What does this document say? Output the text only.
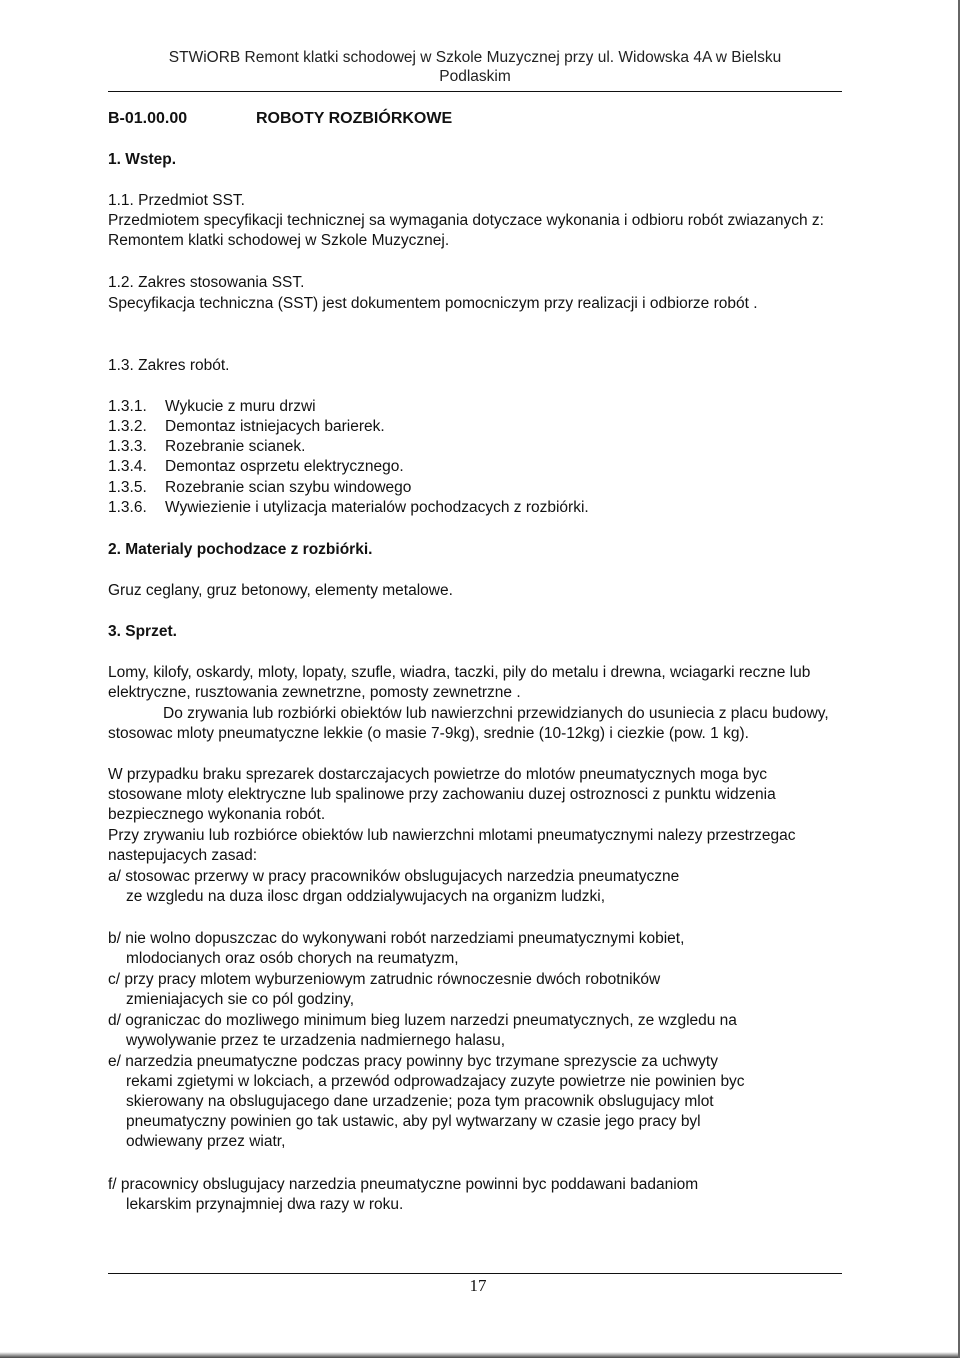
STWiORB Remont klatki schodowej w Szkole Muzycznej przy ul. Widowska 4A w Bielsku
Podlaskim
B-01.00.00	ROBOTY ROZBIÓRKOWE
1. Wstep.
1.1. Przedmiot SST.
Przedmiotem specyfikacji technicznej sa wymagania dotyczace wykonania i odbioru robót zwiazanych z: Remontem klatki schodowej w Szkole Muzycznej.
1.2. Zakres stosowania SST.
Specyfikacja techniczna (SST) jest dokumentem pomocniczym przy realizacji i odbiorze robót .
1.3. Zakres robót.
1.3.1. Wykucie z muru drzwi
1.3.2. Demontaz istniejacych barierek.
1.3.3. Rozebranie scianek.
1.3.4. Demontaz osprzetu elektrycznego.
1.3.5. Rozebranie scian szybu windowego
1.3.6. Wywiezienie i utylizacja materialów pochodzacych z rozbiórki.
2. Materialy pochodzace z rozbiórki.
Gruz ceglany, gruz betonowy, elementy metalowe.
3. Sprzet.
Lomy, kilofy, oskardy, mloty, lopaty, szufle, wiadra, taczki, pily do metalu i drewna, wciagarki reczne lub elektryczne, rusztowania zewnetrzne, pomosty zewnetrzne .
Do zrywania lub rozbiórki obiektów lub nawierzchni przewidzianych do usuniecia z placu budowy, stosowac mloty pneumatyczne lekkie (o masie 7-9kg), srednie (10-12kg) i ciezkie (pow. 1 kg).
W przypadku braku sprezarek dostarczajacych powietrze do mlotów pneumatycznych moga byc stosowane mloty elektryczne lub spalinowe przy zachowaniu duzej ostroznosci z punktu widzenia bezpiecznego wykonania robót.
Przy zrywaniu lub rozbiórce obiektów lub nawierzchni mlotami pneumatycznymi nalezy przestrzegac nastepujacych zasad:
a/ stosowac przerwy w pracy pracowników obslugujacych narzedzia pneumatyczne ze wzgledu na duza ilosc drgan oddzialywujacych na organizm ludzki,
b/ nie wolno dopuszczac do wykonywani robót narzedziami pneumatycznymi kobiet, mlodocianych oraz osób chorych na reumatyzm,
c/ przy pracy mlotem wyburzeniowym zatrudnic równoczesnie dwóch robotników zmieniajacych sie co pól godziny,
d/ ograniczac do mozliwego minimum bieg luzem narzedzi pneumatycznych, ze wzgledu na wywolywanie przez te urzadzenia nadmiernego halasu,
e/ narzedzia pneumatyczne podczas pracy powinny byc trzymane sprezyscie za uchwyty rekami zgietymi w lokciach, a przewód odprowadzajacy zuzyte powietrze nie powinien byc skierowany na obslugujacego dane urzadzenie; poza tym pracownik obslugujacy mlot pneumatyczny powinien go tak ustawic, aby pyl wytwarzany w czasie jego pracy byl odwiewany przez wiatr,
f/ pracownicy obslugujacy narzedzia pneumatyczne powinni byc poddawani badaniom lekarskim przynajmniej dwa razy w roku.
17
